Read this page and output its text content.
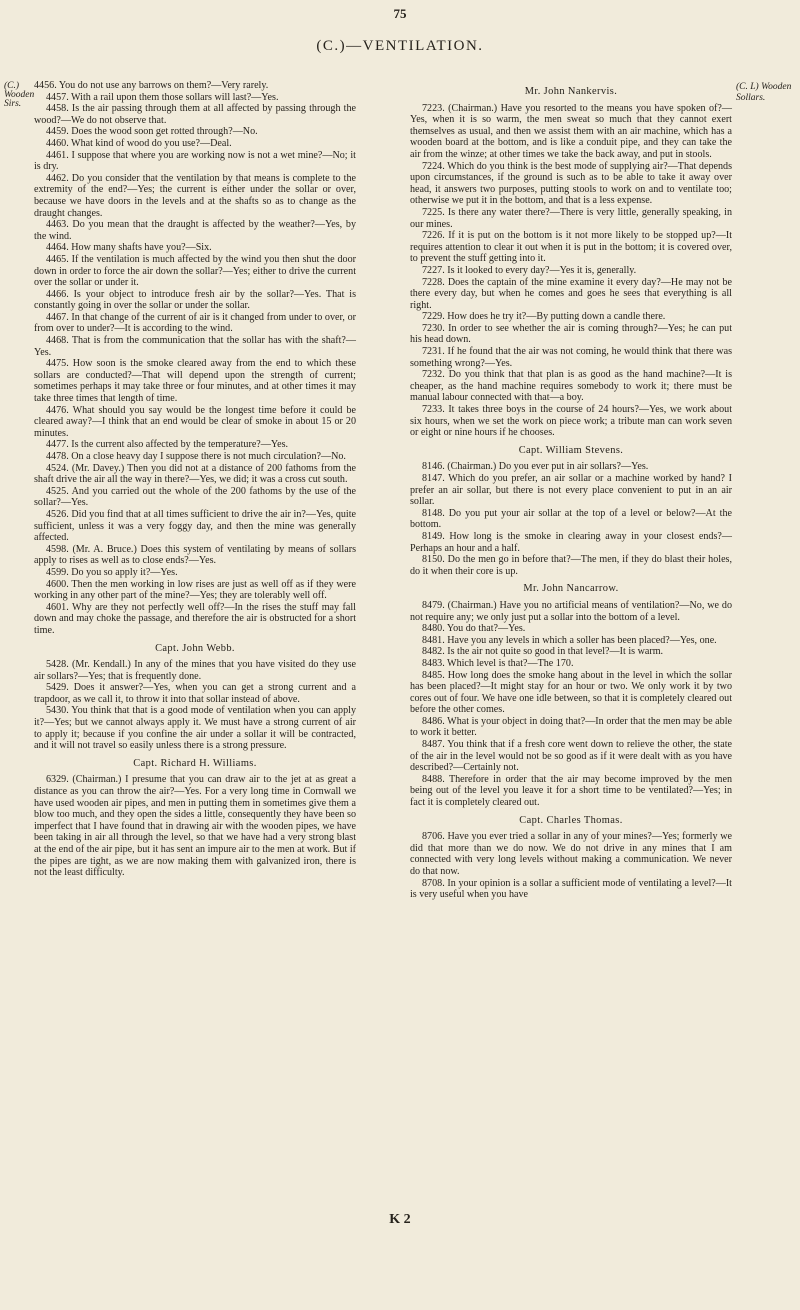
75
(C.)—VENTILATION.
(C.) Wooden Sirs.
(C. L) Wooden Sollars.

4456. You do not use any barrows on them?—Very rarely.

4457. With a rail upon them those sollars will last?—Yes.

4458. Is the air passing through them at all affected by passing through the wood?—We do not observe that.

4459. Does the wood soon get rotted through?—No.

4460. What kind of wood do you use?—Deal.

4461. I suppose that where you are working now is not a wet mine?—No; it is dry.

4462. Do you consider that the ventilation by that means is complete to the extremity of the end?—Yes; the current is either under the sollar or over, because we have doors in the levels and at the shafts so as to change as the draught changes.

4463. Do you mean that the draught is affected by the weather?—Yes, by the wind.

4464. How many shafts have you?—Six.

4465. If the ventilation is much affected by the wind you then shut the door down in order to force the air down the sollar?—Yes; either to drive the current over the sollar or under it.

4466. Is your object to introduce fresh air by the sollar?—Yes. That is constantly going in over the sollar or under the sollar.

4467. In that change of the current of air is it changed from under to over, or from over to under?—It is according to the wind.

4468. That is from the communication that the sollar has with the shaft?—Yes.

4475. How soon is the smoke cleared away from the end to which these sollars are conducted?—That will depend upon the strength of current; sometimes perhaps it may take three or four minutes, and at other times it may take three times that length of time.

4476. What should you say would be the longest time before it could be cleared away?—I think that an end would be clear of smoke in about 15 or 20 minutes.

4477. Is the current also affected by the temperature?—Yes.

4478. On a close heavy day I suppose there is not much circulation?—No.

4524. (Mr. Davey.) Then you did not at a distance of 200 fathoms from the shaft drive the air all the way in there?—Yes, we did; it was a cross cut south.

4525. And you carried out the whole of the 200 fathoms by the use of the sollar?—Yes.

4526. Did you find that at all times sufficient to drive the air in?—Yes, quite sufficient, unless it was a very foggy day, and then the mine was generally affected.

4598. (Mr. A. Bruce.) Does this system of ventilating by means of sollars apply to rises as well as to close ends?—Yes.

4599. Do you so apply it?—Yes.

4600. Then the men working in low rises are just as well off as if they were working in any other part of the mine?—Yes; they are tolerably well off.

4601. Why are they not perfectly well off?—In the rises the stuff may fall down and may choke the passage, and therefore the air is obstructed for a short time.

Capt. John Webb.

5428. (Mr. Kendall.) In any of the mines that you have visited do they use air sollars?—Yes; that is frequently done.

5429. Does it answer?—Yes, when you can get a strong current and a trapdoor, as we call it, to throw it into that sollar instead of above.

5430. You think that that is a good mode of ventilation when you can apply it?—Yes; but we cannot always apply it. We must have a strong current of air to apply it; because if you confine the air under a sollar it will be contracted, and it will not travel so easily unless there is a strong pressure.

Capt. Richard H. Williams.

6329. (Chairman.) I presume that you can draw air to the jet at as great a distance as you can throw the air?—Yes. For a very long time in Cornwall we have used wooden air pipes, and men in putting them in sometimes give them a blow too much, and they open the sides a little, consequently they have been so imperfect that I have found that in drawing air with the wooden pipes, we have been taking in air all through the level, so that we have had a very strong blast at the end of the air pipe, but it has sent an impure air to the men at work. But if the pipes are tight, as we are now making them with galvanized iron, there is not the least difficulty.

Mr. John Nankervis.

7223. (Chairman.) Have you resorted to the means you have spoken of?—Yes, when it is so warm, the men sweat so much that they cannot exert themselves as usual, and then we assist them with an air machine, which has a wooden board at the bottom, and is like a conduit pipe, and they can take the air from the winze; at other times we take the back away, and put in stools.

7224. Which do you think is the best mode of supplying air?—That depends upon circumstances, if the ground is such as to be able to take it away over head, it answers two purposes, putting stools to work on and to ventilate too; otherwise we put it in the bottom, and that is a less expense.

7225. Is there any water there?—There is very little, generally speaking, in our mines.

7226. If it is put on the bottom is it not more likely to be stopped up?—It requires attention to clear it out when it is put in the bottom; it is covered over, to prevent the stuff getting into it.

7227. Is it looked to every day?—Yes it is, generally.

7228. Does the captain of the mine examine it every day?—He may not be there every day, but when he comes and goes he sees that everything is all right.

7229. How does he try it?—By putting down a candle there.

7230. In order to see whether the air is coming through?—Yes; he can put his head down.

7231. If he found that the air was not coming, he would think that there was something wrong?—Yes.

7232. Do you think that that plan is as good as the hand machine?—It is cheaper, as the hand machine requires somebody to work it; there must be manual labour connected with that—a boy.

7233. It takes three boys in the course of 24 hours?—Yes, we work about six hours, when we set the work on piece work; a tribute man can work seven or eight or nine hours if he chooses.

Capt. William Stevens.

8146. (Chairman.) Do you ever put in air sollars?—Yes.

8147. Which do you prefer, an air sollar or a machine worked by hand? I prefer an air sollar, but there is not every place convenient to put in an air sollar.

8148. Do you put your air sollar at the top of a level or below?—At the bottom.

8149. How long is the smoke in clearing away in your closest ends?—Perhaps an hour and a half.

8150. Do the men go in before that?—The men, if they do blast their holes, do it when their core is up.

Mr. John Nancarrow.

8479. (Chairman.) Have you no artificial means of ventilation?—No, we do not require any; we only just put a sollar into the bottom of a level.

8480. You do that?—Yes.

8481. Have you any levels in which a soller has been placed?—Yes, one.

8482. Is the air not quite so good in that level?—It is warm.

8483. Which level is that?—The 170.

8485. How long does the smoke hang about in the level in which the sollar has been placed?—It might stay for an hour or two. We only work it by two cores out of four. We have one idle between, so that it is completely cleared out before the other comes.

8486. What is your object in doing that?—In order that the men may be able to work it better.

8487. You think that if a fresh core went down to relieve the other, the state of the air in the level would not be so good as if it were dealt with as you have described?—Certainly not.

8488. Therefore in order that the air may become improved by the men being out of the level you leave it for a short time to be ventilated?—Yes; in fact it is completely cleared out.

Capt. Charles Thomas.

8706. Have you ever tried a sollar in any of your mines?—Yes; formerly we did that more than we do now. We do not drive in any mines that I am connected with very long levels without making a communication. We never do that now.

8708. In your opinion is a sollar a sufficient mode of ventilating a level?—It is very useful when you have

K 2
